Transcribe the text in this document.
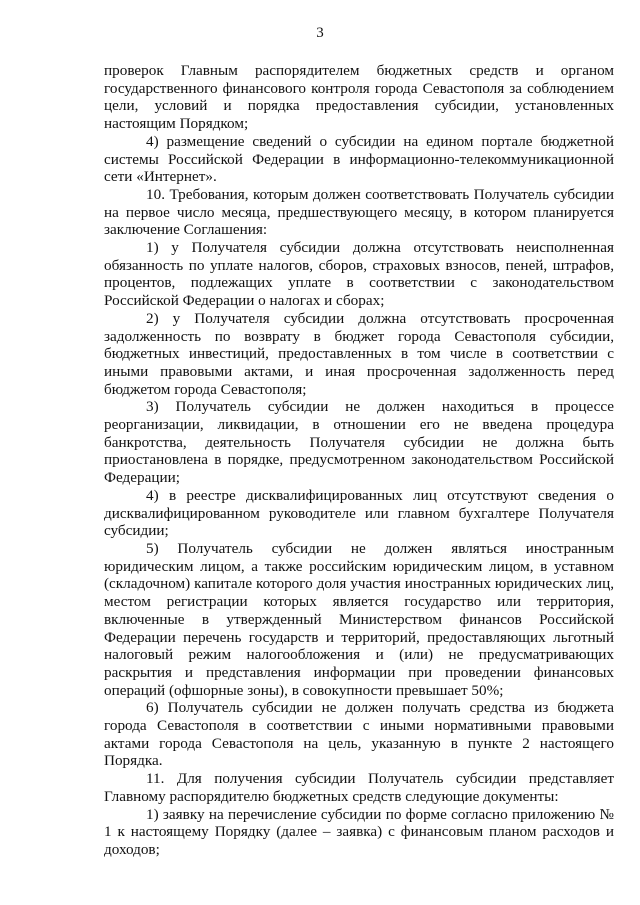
3

проверок Главным распорядителем бюджетных средств и органом государственного финансового контроля города Севастополя за соблюдением цели, условий и порядка предоставления субсидии, установленных настоящим Порядком;

4) размещение сведений о субсидии на едином портале бюджетной системы Российской Федерации в информационно-телекоммуникационной сети «Интернет».

10. Требования, которым должен соответствовать Получатель субсидии на первое число месяца, предшествующего месяцу, в котором планируется заключение Соглашения:

1) у Получателя субсидии должна отсутствовать неисполненная обязанность по уплате налогов, сборов, страховых взносов, пеней, штрафов, процентов, подлежащих уплате в соответствии с законодательством Российской Федерации о налогах и сборах;

2) у Получателя субсидии должна отсутствовать просроченная задолженность по возврату в бюджет города Севастополя субсидии, бюджетных инвестиций, предоставленных в том числе в соответствии с иными правовыми актами, и иная просроченная задолженность перед бюджетом города Севастополя;

3) Получатель субсидии не должен находиться в процессе реорганизации, ликвидации, в отношении его не введена процедура банкротства, деятельность Получателя субсидии не должна быть приостановлена в порядке, предусмотренном законодательством Российской Федерации;

4) в реестре дисквалифицированных лиц отсутствуют сведения о дисквалифицированном руководителе или главном бухгалтере Получателя субсидии;

5) Получатель субсидии не должен являться иностранным юридическим лицом, а также российским юридическим лицом, в уставном (складочном) капитале которого доля участия иностранных юридических лиц, местом регистрации которых является государство или территория, включенные в утвержденный Министерством финансов Российской Федерации перечень государств и территорий, предоставляющих льготный налоговый режим налогообложения и (или) не предусматривающих раскрытия и представления информации при проведении финансовых операций (офшорные зоны), в совокупности превышает 50%;

6) Получатель субсидии не должен получать средства из бюджета города Севастополя в соответствии с иными нормативными правовыми актами города Севастополя на цель, указанную в пункте 2 настоящего Порядка.

11. Для получения субсидии Получатель субсидии представляет Главному распорядителю бюджетных средств следующие документы:

1) заявку на перечисление субсидии по форме согласно приложению № 1 к настоящему Порядку (далее – заявка) с финансовым планом расходов и доходов;
